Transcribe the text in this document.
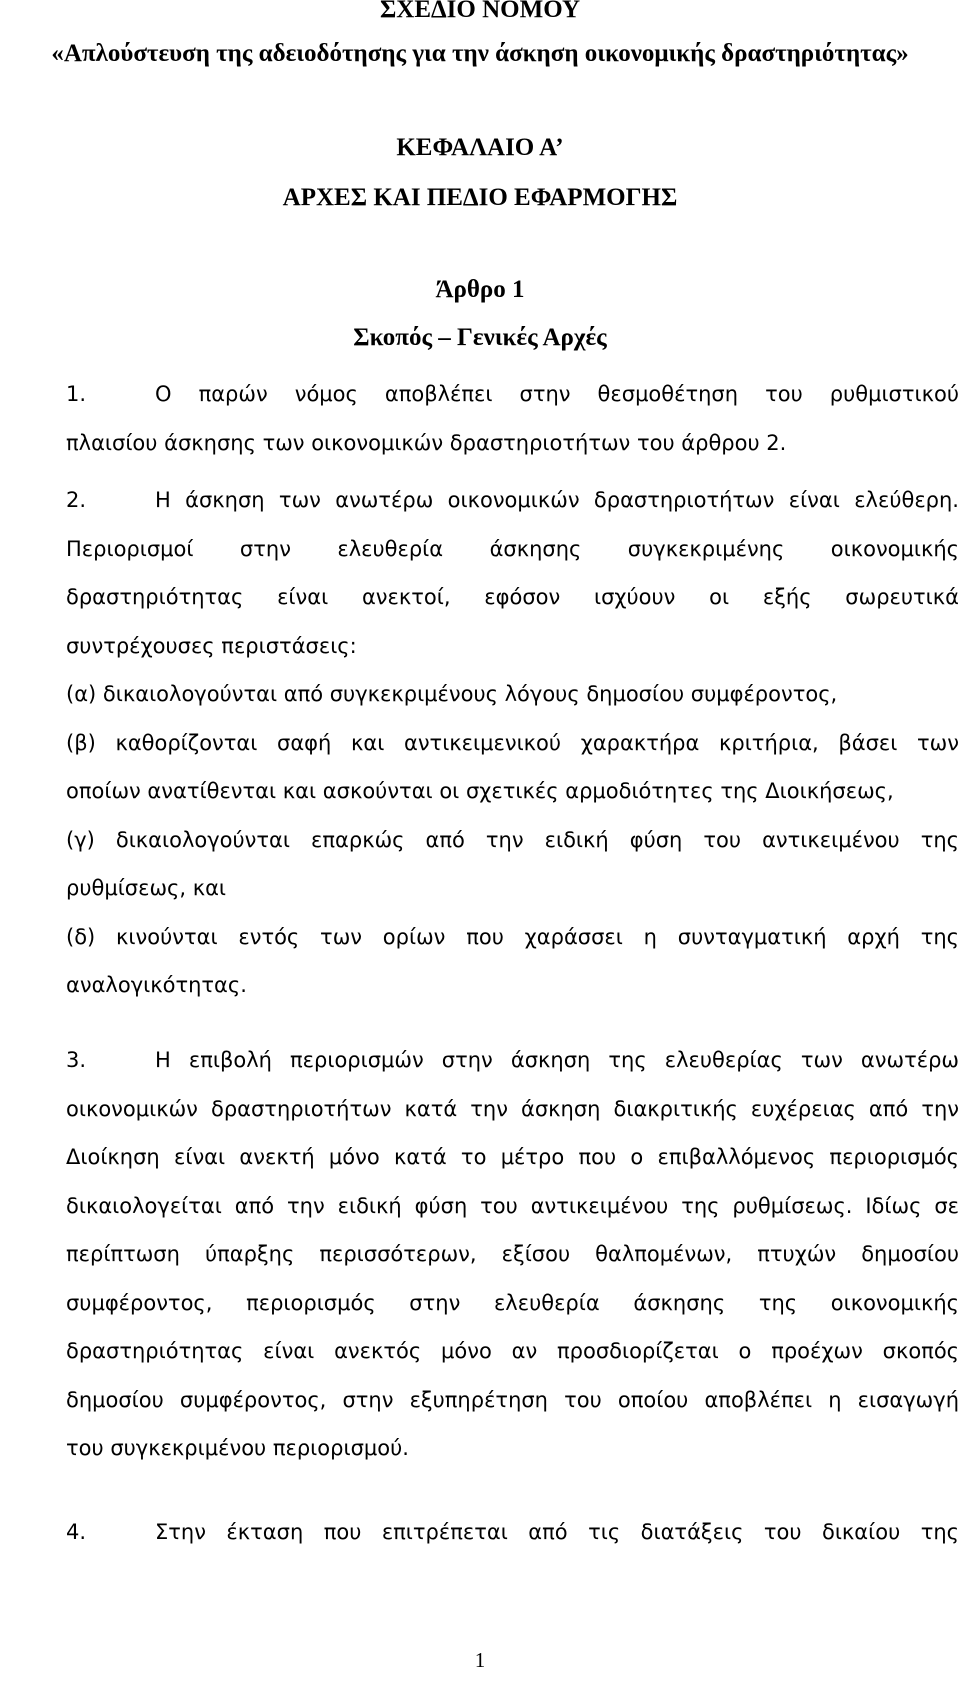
ΣΧΕΔΙΟ ΝΟΜΟΥ
«Απλούστευση της αδειοδότησης για την άσκηση οικονομικής δραστηριότητας»
ΚΕΦΑΛΑΙΟ Α’
ΑΡΧΕΣ ΚΑΙ ΠΕΔΙΟ ΕΦΑΡΜΟΓΗΣ
Άρθρο 1
Σκοπός – Γενικές Αρχές
1.	Ο παρών νόμος αποβλέπει στην θεσμοθέτηση του ρυθμιστικού
πλαισίου άσκησης των οικονομικών δραστηριοτήτων του άρθρου 2.
2.	Η άσκηση των ανωτέρω οικονομικών δραστηριοτήτων είναι ελεύθερη.
Περιορισμοί στην ελευθερία άσκησης συγκεκριμένης οικονομικής
δραστηριότητας είναι ανεκτοί, εφόσον ισχύουν οι εξής σωρευτικά
συντρέχουσες περιστάσεις:
(α) δικαιολογούνται από συγκεκριμένους λόγους δημοσίου συμφέροντος,
(β) καθορίζονται σαφή και αντικειμενικού χαρακτήρα κριτήρια, βάσει των
οποίων ανατίθενται και ασκούνται οι σχετικές αρμοδιότητες της Διοικήσεως,
(γ) δικαιολογούνται επαρκώς από την ειδική φύση του αντικειμένου της
ρυθμίσεως, και
(δ) κινούνται εντός των ορίων που χαράσσει η συνταγματική αρχή της
αναλογικότητας.
3.	Η επιβολή περιορισμών στην άσκηση της ελευθερίας των ανωτέρω
οικονομικών δραστηριοτήτων κατά την άσκηση διακριτικής ευχέρειας από την
Διοίκηση είναι ανεκτή μόνο κατά το μέτρο που ο επιβαλλόμενος περιορισμός
δικαιολογείται από την ειδική φύση του αντικειμένου της ρυθμίσεως. Ιδίως σε
περίπτωση ύπαρξης περισσότερων, εξίσου θαλπομένων, πτυχών δημοσίου
συμφέροντος, περιορισμός στην ελευθερία άσκησης της οικονομικής
δραστηριότητας είναι ανεκτός μόνο αν προσδιορίζεται ο προέχων σκοπός
δημοσίου συμφέροντος, στην εξυπηρέτηση του οποίου αποβλέπει η εισαγωγή
του συγκεκριμένου περιορισμού.
4.	Στην έκταση που επιτρέπεται από τις διατάξεις του δικαίου της
1
